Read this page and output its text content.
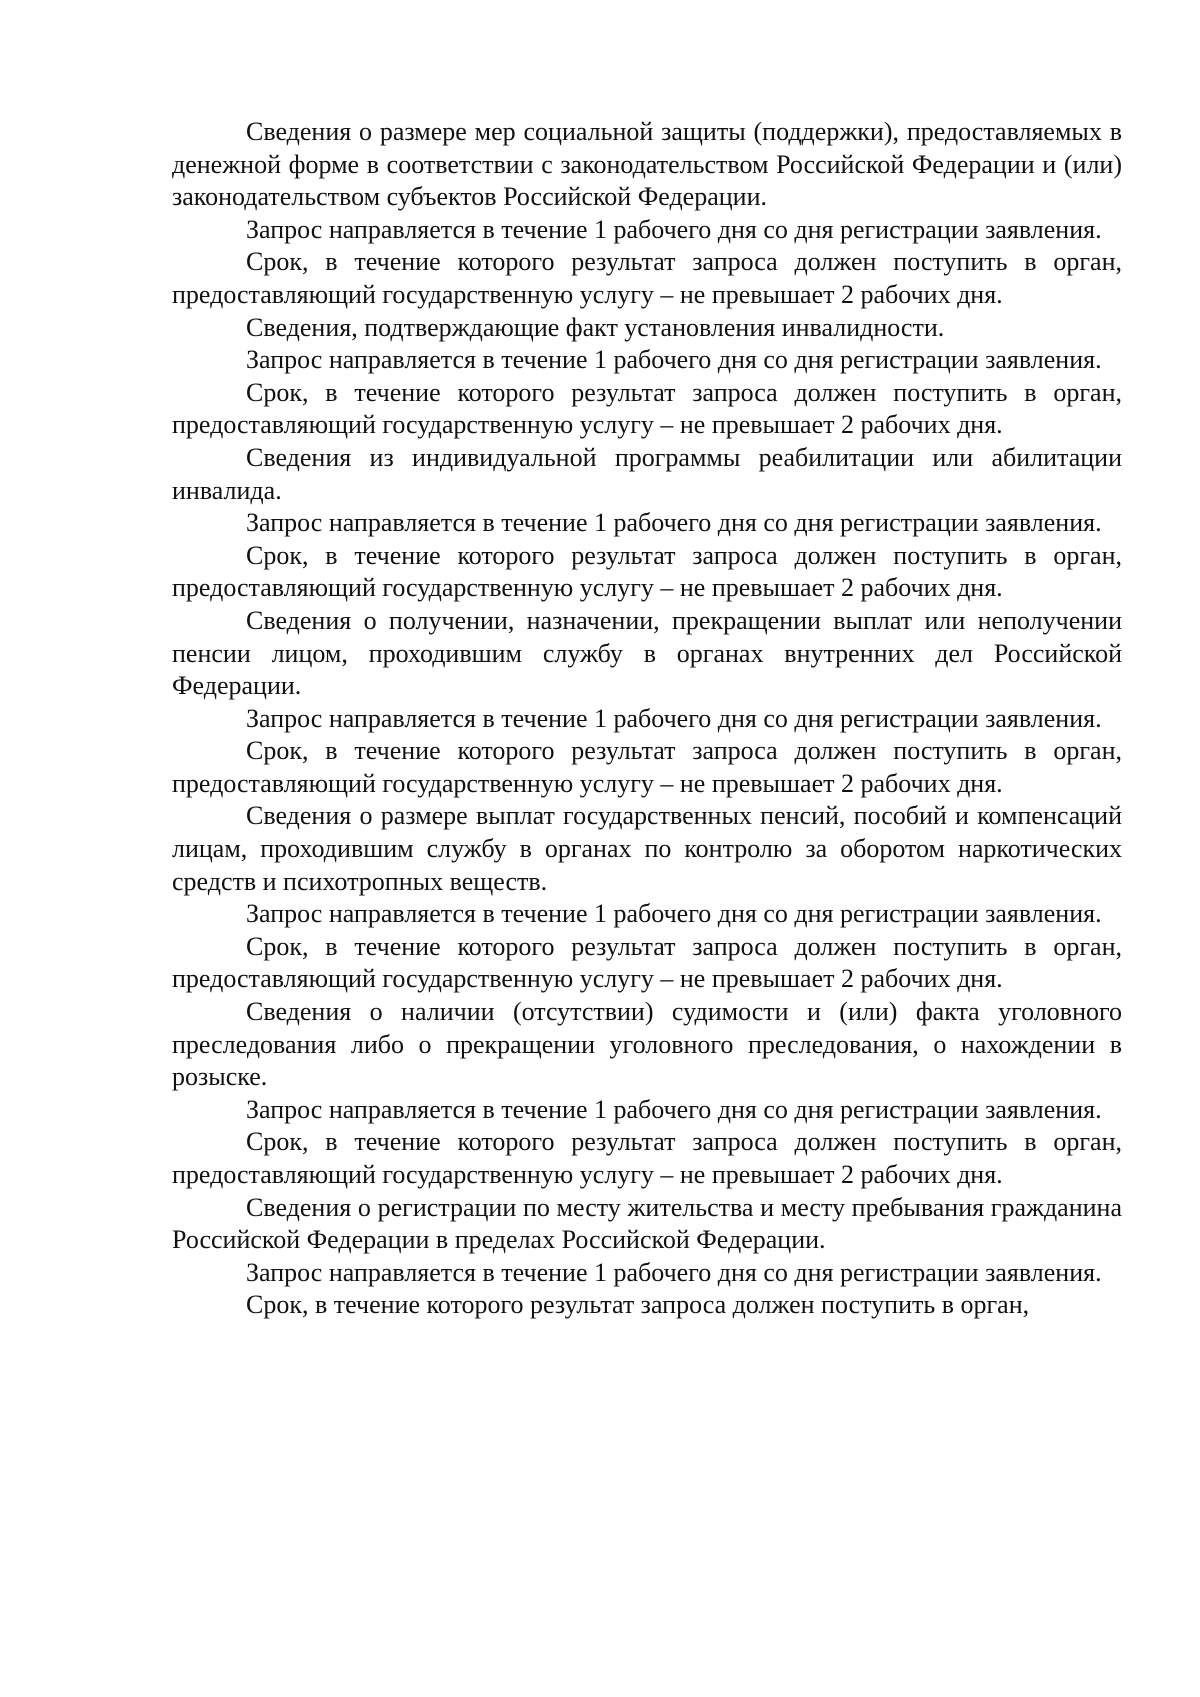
Сведения о размере мер социальной защиты (поддержки), предоставляемых в денежной форме в соответствии с законодательством Российской Федерации и (или) законодательством субъектов Российской Федерации.

Запрос направляется в течение 1 рабочего дня со дня регистрации заявления.

Срок, в течение которого результат запроса должен поступить в орган, предоставляющий государственную услугу – не превышает 2 рабочих дня.

Сведения, подтверждающие факт установления инвалидности.

Запрос направляется в течение 1 рабочего дня со дня регистрации заявления.

Срок, в течение которого результат запроса должен поступить в орган, предоставляющий государственную услугу – не превышает 2 рабочих дня.

Сведения из индивидуальной программы реабилитации или абилитации инвалида.

Запрос направляется в течение 1 рабочего дня со дня регистрации заявления.

Срок, в течение которого результат запроса должен поступить в орган, предоставляющий государственную услугу – не превышает 2 рабочих дня.

Сведения о получении, назначении, прекращении выплат или неполучении пенсии лицом, проходившим службу в органах внутренних дел Российской Федерации.

Запрос направляется в течение 1 рабочего дня со дня регистрации заявления.

Срок, в течение которого результат запроса должен поступить в орган, предоставляющий государственную услугу – не превышает 2 рабочих дня.

Сведения о размере выплат государственных пенсий, пособий и компенсаций лицам, проходившим службу в органах по контролю за оборотом наркотических средств и психотропных веществ.

Запрос направляется в течение 1 рабочего дня со дня регистрации заявления.

Срок, в течение которого результат запроса должен поступить в орган, предоставляющий государственную услугу – не превышает 2 рабочих дня.

Сведения о наличии (отсутствии) судимости и (или) факта уголовного преследования либо о прекращении уголовного преследования, о нахождении в розыске.

Запрос направляется в течение 1 рабочего дня со дня регистрации заявления.

Срок, в течение которого результат запроса должен поступить в орган, предоставляющий государственную услугу – не превышает 2 рабочих дня.

Сведения о регистрации по месту жительства и месту пребывания гражданина Российской Федерации в пределах Российской Федерации.

Запрос направляется в течение 1 рабочего дня со дня регистрации заявления.

Срок, в течение которого результат запроса должен поступить в орган,
